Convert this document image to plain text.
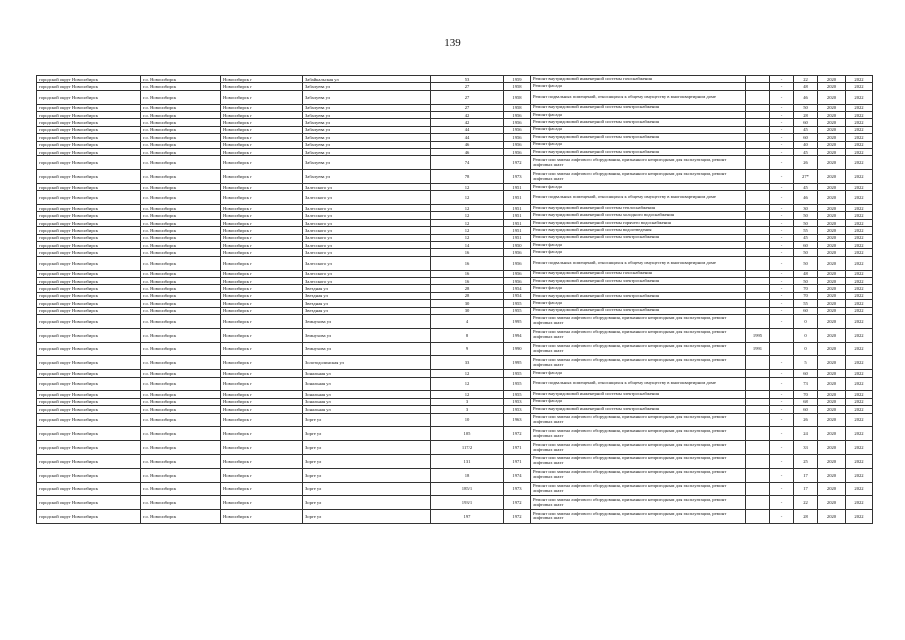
139
городской округ Новосибирск	г.о. Новосибирск	Новосибирск г	Забайкальская ул	53	1959	Ремонт внутридомовой инженерной системы газоснабжения		-	22	2020	2022
городской округ Новосибирск	г.о. Новосибирск	Новосибирск г	Забалуева ул	27	1958	Ремонт фасада		-	48	2020	2022
городской округ Новосибирск	г.о. Новосибирск	Новосибирск г	Забалуева ул	27	1958	Ремонт подвальных помещений, относящихся к общему имуществу в многоквартирном доме		-	46	2020	2022
городской округ Новосибирск	г.о. Новосибирск	Новосибирск г	Забалуева ул	27	1958	Ремонт внутридомовой инженерной системы электроснабжения		-	50	2020	2022
городской округ Новосибирск	г.о. Новосибирск	Новосибирск г	Забалуева ул	42	1956	Ремонт фасада		-	28	2020	2022
городской округ Новосибирск	г.о. Новосибирск	Новосибирск г	Забалуева ул	42	1956	Ремонт внутридомовой инженерной системы электроснабжения		-	60	2020	2022
городской округ Новосибирск	г.о. Новосибирск	Новосибирск г	Забалуева ул	44	1956	Ремонт фасада		-	45	2020	2022
городской округ Новосибирск	г.о. Новосибирск	Новосибирск г	Забалуева ул	44	1956	Ремонт внутридомовой инженерной системы электроснабжения		-	60	2020	2022
городской округ Новосибирск	г.о. Новосибирск	Новосибирск г	Забалуева ул	46	1956	Ремонт фасада		-	40	2020	2022
городской округ Новосибирск	г.о. Новосибирск	Новосибирск г	Забалуева ул	46	1956	Ремонт внутридомовой инженерной системы электроснабжения		-	45	2020	2022
городской округ Новосибирск	г.о. Новосибирск	Новосибирск г	Забалуева ул	74	1972	Ремонт или замена лифтового оборудования, признанного непригодным для эксплуатации, ремонт лифтовых шахт		-	26	2020	2022
городской округ Новосибирск	г.о. Новосибирск	Новосибирск г	Забалуева ул	78	1973	Ремонт или замена лифтового оборудования, признанного непригодным для эксплуатации, ремонт лифтовых шахт		-	27*	2020	2022
городской округ Новосибирск	г.о. Новосибирск	Новосибирск г	Залесского ул	12	1951	Ремонт фасада		-	45	2020	2022
городской округ Новосибирск	г.о. Новосибирск	Новосибирск г	Залесского ул	12	1951	Ремонт подвальных помещений, относящихся к общему имуществу в многоквартирном доме		-	46	2020	2022
городской округ Новосибирск	г.о. Новосибирск	Новосибирск г	Залесского ул	12	1951	Ремонт внутридомовой инженерной системы теплоснабжения		-	30	2020	2022
городской округ Новосибирск	г.о. Новосибирск	Новосибирск г	Залесского ул	12	1951	Ремонт внутридомовой инженерной системы холодного водоснабжения		-	50	2020	2022
городской округ Новосибирск	г.о. Новосибирск	Новосибирск г	Залесского ул	12	1951	Ремонт внутридомовой инженерной системы горячего водоснабжения		-	50	2020	2022
городской округ Новосибирск	г.о. Новосибирск	Новосибирск г	Залесского ул	12	1951	Ремонт внутридомовой инженерной системы водоотведения		-	55	2020	2022
городской округ Новосибирск	г.о. Новосибирск	Новосибирск г	Залесского ул	12	1951	Ремонт внутридомовой инженерной системы электроснабжения		-	45	2020	2022
городской округ Новосибирск	г.о. Новосибирск	Новосибирск г	Залесского ул	14	1950	Ремонт фасада		-	60	2020	2022
городской округ Новосибирск	г.о. Новосибирск	Новосибирск г	Залесского ул	16	1956	Ремонт фасада		-	50	2020	2022
городской округ Новосибирск	г.о. Новосибирск	Новосибирск г	Залесского ул	16	1956	Ремонт подвальных помещений, относящихся к общему имуществу в многоквартирном доме		-	50	2020	2022
городской округ Новосибирск	г.о. Новосибирск	Новосибирск г	Залесского ул	16	1956	Ремонт внутридомовой инженерной системы газоснабжения		-	48	2020	2022
городской округ Новосибирск	г.о. Новосибирск	Новосибирск г	Залесского ул	16	1956	Ремонт внутридомовой инженерной системы электроснабжения		-	50	2020	2022
городской округ Новосибирск	г.о. Новосибирск	Новосибирск г	Звездная ул	28	1954	Ремонт фасада		-	70	2020	2022
городской округ Новосибирск	г.о. Новосибирск	Новосибирск г	Звездная ул	28	1954	Ремонт внутридомовой инженерной системы электроснабжения		-	70	2020	2022
городской округ Новосибирск	г.о. Новосибирск	Новосибирск г	Звездная ул	30	1955	Ремонт фасада		-	55	2020	2022
городской округ Новосибирск	г.о. Новосибирск	Новосибирск г	Звездная ул	30	1955	Ремонт внутридомовой инженерной системы электроснабжения		-	60	2020	2022
городской округ Новосибирск	г.о. Новосибирск	Новосибирск г	Земнухова ул	4	1995	Ремонт или замена лифтового оборудования, признанного непригодным для эксплуатации, ремонт лифтовых шахт		-	0	2020	2022
городской округ Новосибирск	г.о. Новосибирск	Новосибирск г	Земнухова ул	8	1994	Ремонт или замена лифтового оборудования, признанного непригодным для эксплуатации, ремонт лифтовых шахт	1995		0	2020	2022
городской округ Новосибирск	г.о. Новосибирск	Новосибирск г	Земнухова ул	9	1990	Ремонт или замена лифтового оборудования, признанного непригодным для эксплуатации, ремонт лифтовых шахт	1991		0	2020	2022
городской округ Новосибирск	г.о. Новосибирск	Новосибирск г	Золотодолинская ул	33	1995	Ремонт или замена лифтового оборудования, признанного непригодным для эксплуатации, ремонт лифтовых шахт		-	5	2020	2022
городской округ Новосибирск	г.о. Новосибирск	Новосибирск г	Зональная ул	12	1955	Ремонт фасада		-	60	2020	2022
городской округ Новосибирск	г.о. Новосибирск	Новосибирск г	Зональная ул	12	1955	Ремонт подвальных помещений, относящихся к общему имуществу в многоквартирном доме		-	73	2020	2022
городской округ Новосибирск	г.о. Новосибирск	Новосибирск г	Зональная ул	12	1955	Ремонт внутридомовой инженерной системы электроснабжения		-	70	2020	2022
городской округ Новосибирск	г.о. Новосибирск	Новосибирск г	Зональная ул	3	1953	Ремонт фасада		-	68	2020	2022
городской округ Новосибирск	г.о. Новосибирск	Новосибирск г	Зональная ул	3	1953	Ремонт внутридомовой инженерной системы электроснабжения		-	60	2020	2022
городской округ Новосибирск	г.о. Новосибирск	Новосибирск г	Зорге ул	10	1963	Ремонт или замена лифтового оборудования, признанного непригодным для эксплуатации, ремонт лифтовых шахт		-	26	2020	2022
городской округ Новосибирск	г.о. Новосибирск	Новосибирск г	Зорге ул	105	1972	Ремонт или замена лифтового оборудования, признанного непригодным для эксплуатации, ремонт лифтовых шахт		-	24	2020	2022
городской округ Новосибирск	г.о. Новосибирск	Новосибирск г	Зорге ул	117/2	1971	Ремонт или замена лифтового оборудования, признанного непригодным для эксплуатации, ремонт лифтовых шахт		-	33	2020	2022
городской округ Новосибирск	г.о. Новосибирск	Новосибирск г	Зорге ул	131	1971	Ремонт или замена лифтового оборудования, признанного непригодным для эксплуатации, ремонт лифтовых шахт		-	25	2020	2022
городской округ Новосибирск	г.о. Новосибирск	Новосибирск г	Зорге ул	18	1974	Ремонт или замена лифтового оборудования, признанного непригодным для эксплуатации, ремонт лифтовых шахт		-	17	2020	2022
городской округ Новосибирск	г.о. Новосибирск	Новосибирск г	Зорге ул	185/1	1973	Ремонт или замена лифтового оборудования, признанного непригодным для эксплуатации, ремонт лифтовых шахт		-	17	2020	2022
городской округ Новосибирск	г.о. Новосибирск	Новосибирск г	Зорге ул	193/1	1972	Ремонт или замена лифтового оборудования, признанного непригодным для эксплуатации, ремонт лифтовых шахт		-	22	2020	2022
городской округ Новосибирск	г.о. Новосибирск	Новосибирск г	Зорге ул	197	1972	Ремонт или замена лифтового оборудования, признанного непригодным для эксплуатации, ремонт лифтовых шахт		-	28	2020	2022
